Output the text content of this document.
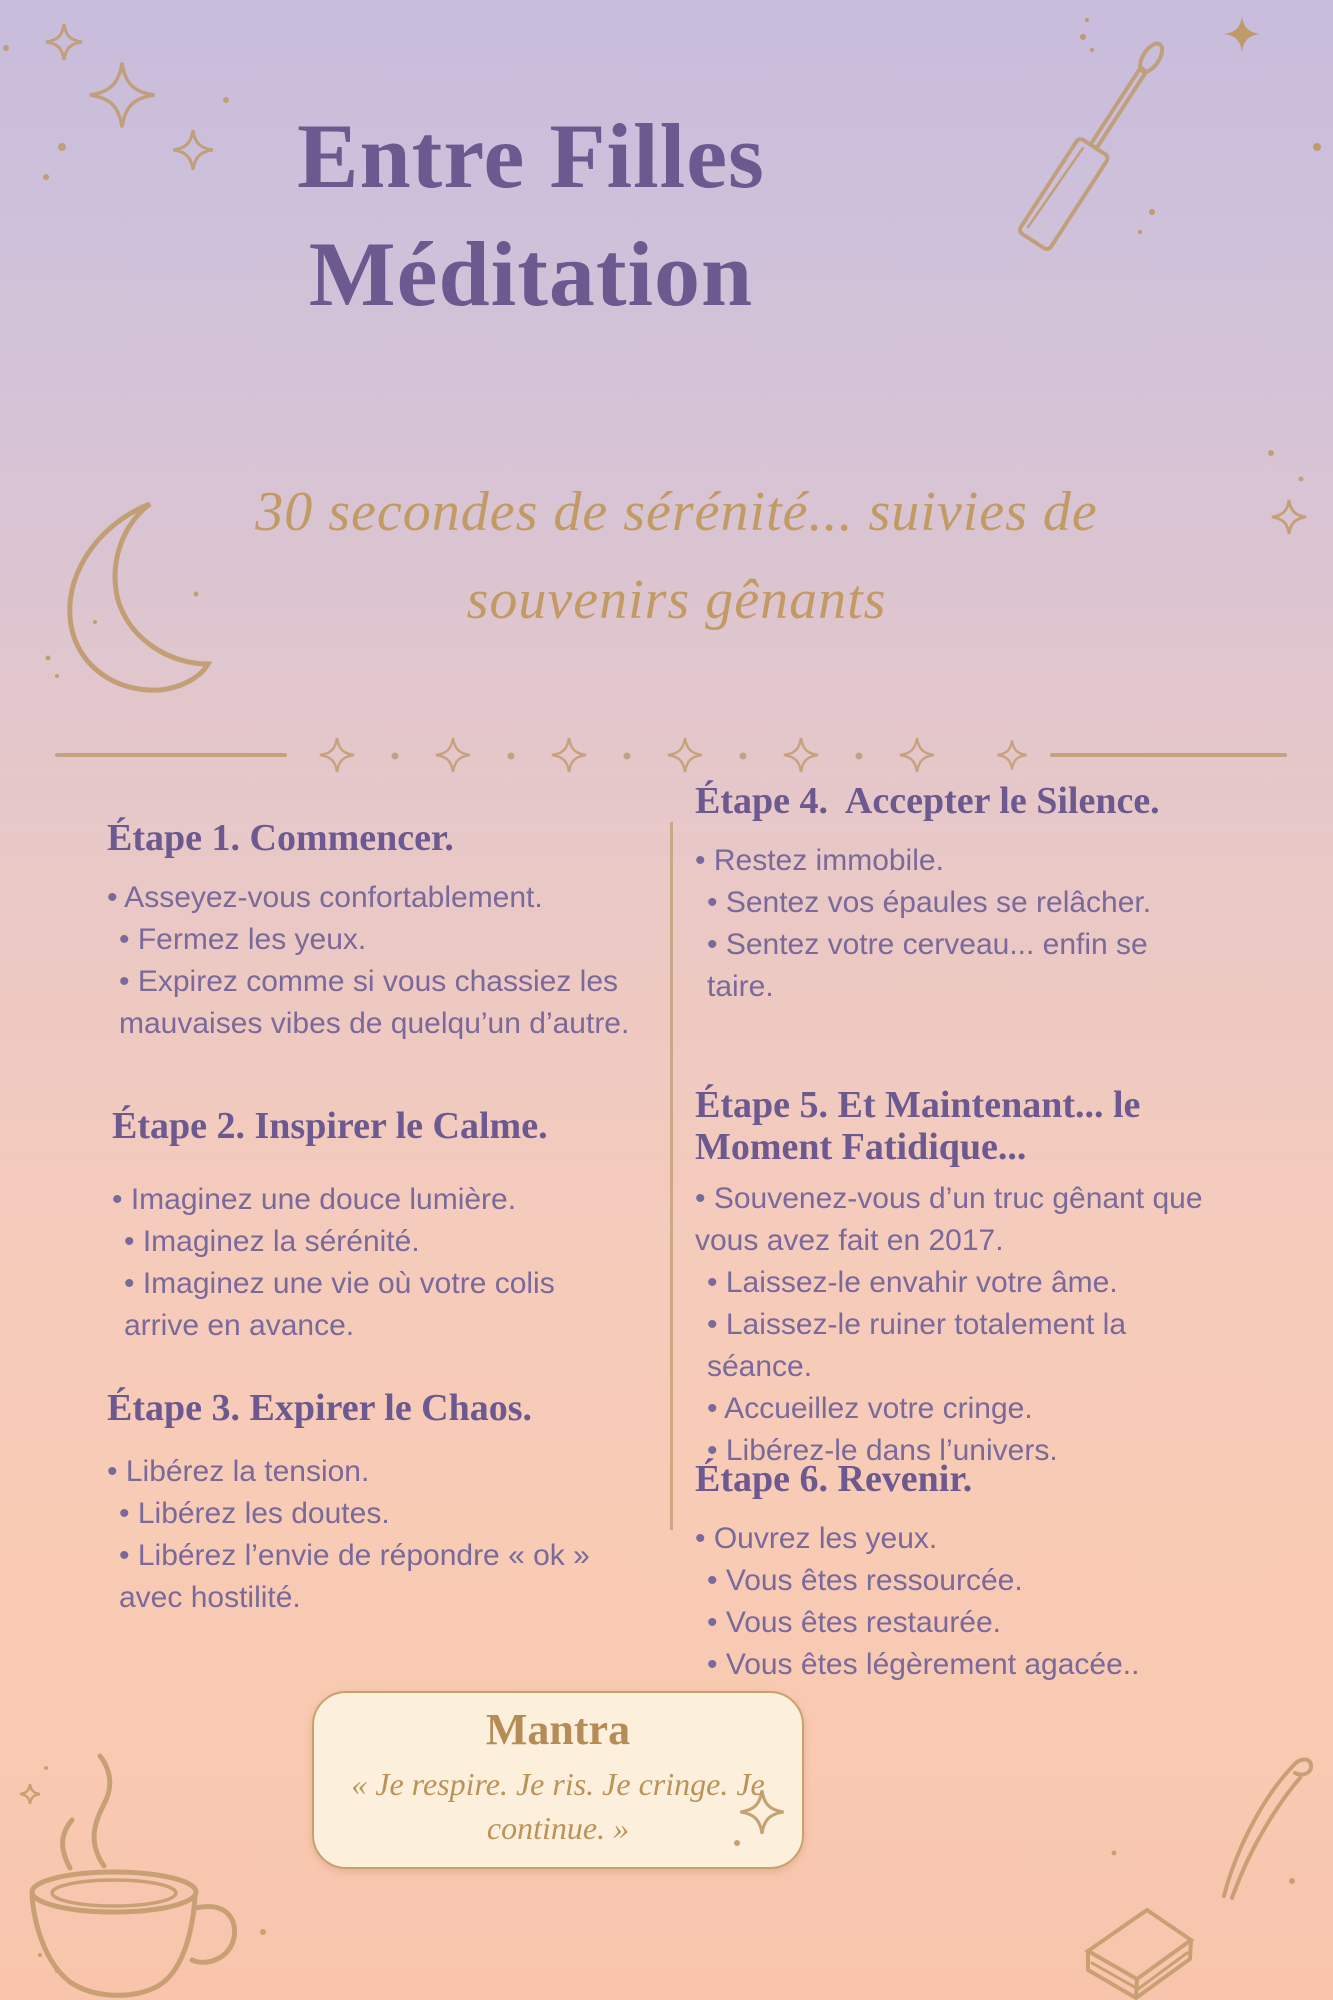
Entre Filles
Méditation
30 secondes de sérénité... suivies de
souvenirs gênants
Étape 1. Commencer.
• Asseyez-vous confortablement.
• Fermez les yeux.
• Expirez comme si vous chassiez les mauvaises vibes de quelqu’un d’autre.
Étape 2. Inspirer le Calme.
• Imaginez une douce lumière.
• Imaginez la sérénité.
• Imaginez une vie où votre colis arrive en avance.
Étape 3. Expirer le Chaos.
• Libérez la tension.
• Libérez les doutes.
• Libérez l’envie de répondre « ok » avec hostilité.
Étape 4.  Accepter le Silence.
• Restez immobile.
• Sentez vos épaules se relâcher.
• Sentez votre cerveau... enfin se taire.
Étape 5. Et Maintenant... le Moment Fatidique...
• Souvenez-vous d’un truc gênant que vous avez fait en 2017.
• Laissez-le envahir votre âme.
• Laissez-le ruiner totalement la séance.
• Accueillez votre cringe.
• Libérez-le dans l’univers.
Étape 6. Revenir.
• Ouvrez les yeux.
• Vous êtes ressourcée.
• Vous êtes restaurée.
• Vous êtes légèrement agacée..
Mantra
« Je respire. Je ris. Je cringe. Je continue. »
